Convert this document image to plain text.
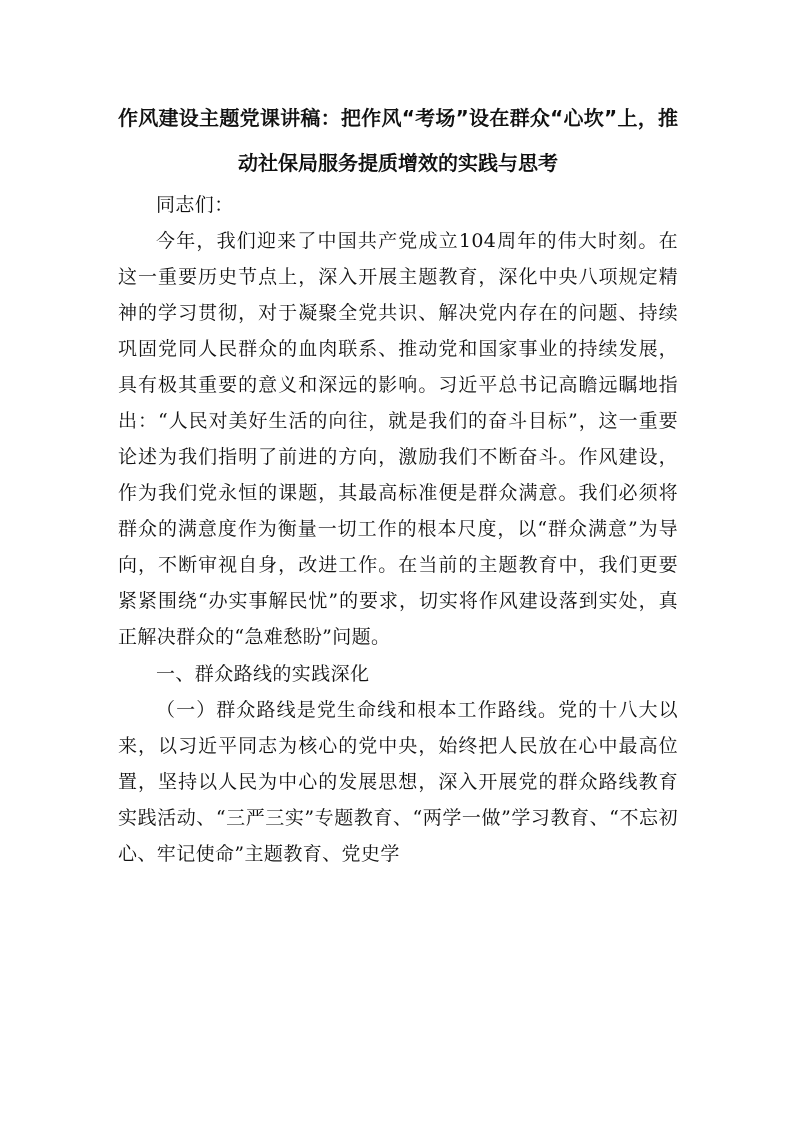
作风建设主题党课讲稿：把作风“考场”设在群众“心坎”上，推动社保局服务提质增效的实践与思考

同志们：

今年，我们迎来了中国共产党成立104周年的伟大时刻。在这一重要历史节点上，深入开展主题教育，深化中央八项规定精神的学习贯彻，对于凝聚全党共识、解决党内存在的问题、持续巩固党同人民群众的血肉联系、推动党和国家事业的持续发展，具有极其重要的意义和深远的影响。习近平总书记高瞻远瞩地指出：“人民对美好生活的向往，就是我们的奋斗目标”，这一重要论述为我们指明了前进的方向，激励我们不断奋斗。作风建设，作为我们党永恒的课题，其最高标准便是群众满意。我们必须将群众的满意度作为衡量一切工作的根本尺度，以“群众满意”为导向，不断审视自身，改进工作。在当前的主题教育中，我们更要紧紧围绕“办实事解民忧”的要求，切实将作风建设落到实处，真正解决群众的“急难愁盼”问题。

一、群众路线的实践深化

（一）群众路线是党生命线和根本工作路线。党的十八大以来，以习近平同志为核心的党中央，始终把人民放在心中最高位置，坚持以人民为中心的发展思想，深入开展党的群众路线教育实践活动、“三严三实”专题教育、“两学一做”学习教育、“不忘初心、牢记使命”主题教育、党史学
